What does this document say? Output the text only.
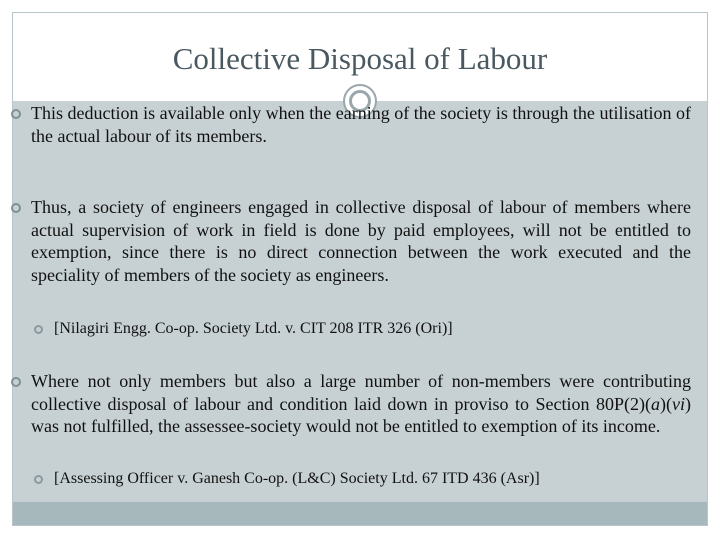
Collective Disposal of Labour
This deduction is available only when the earning of the society is through the utilisation of the actual labour of its members.
Thus, a society of engineers engaged in collective disposal of labour of members where actual supervision of work in field is done by paid employees, will not be entitled to exemption, since there is no direct connection between the work executed and the speciality of members of the society as engineers.
[Nilagiri Engg. Co-op. Society Ltd. v. CIT 208 ITR 326 (Ori)]
Where not only members but also a large number of non-members were contributing collective disposal of labour and condition laid down in proviso to Section 80P(2)(a)(vi) was not fulfilled, the assessee-society would not be entitled to exemption of its income.
[Assessing Officer v. Ganesh Co-op. (L&C) Society Ltd. 67 ITD 436 (Asr)]
